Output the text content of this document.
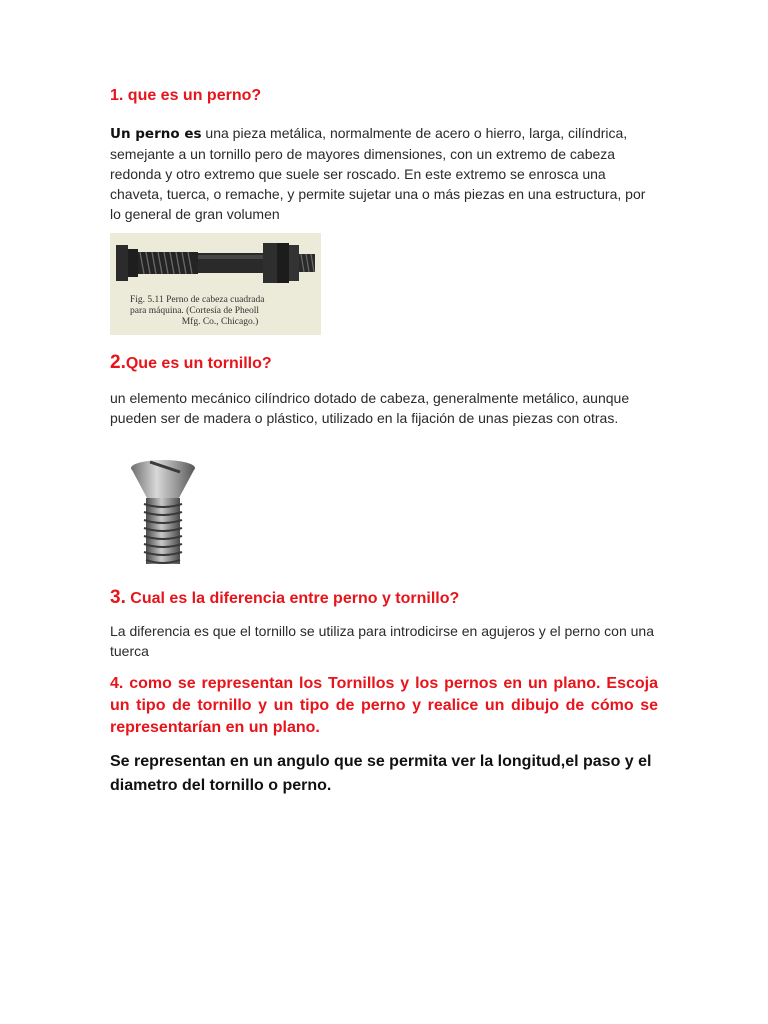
1. que es un perno?

Un perno es una pieza metálica, normalmente de acero o hierro, larga, cilíndrica, semejante a un tornillo pero de mayores dimensiones, con un extremo de cabeza redonda y otro extremo que suele ser roscado. En este extremo se enrosca una chaveta, tuerca, o remache, y permite sujetar una o más piezas en una estructura, por lo general de gran volumen

Fig. 5.11 Perno de cabeza cuadrada
para máquina. (Cortesía de Pheoll
Mfg. Co., Chicago.)
2.Que es un tornillo?

un elemento mecánico cilíndrico dotado de cabeza, generalmente metálico, aunque pueden ser de madera o plástico, utilizado en la fijación de unas piezas con otras.

3. Cual es la diferencia entre perno y tornillo?

La diferencia es que el tornillo se utiliza para introdicirse en agujeros y el perno con una tuerca

4. como se representan los Tornillos y los pernos en un plano. Escoja un tipo de tornillo y un tipo de perno y realice un dibujo de cómo se representarían en un plano.

Se representan en un angulo que se permita ver la longitud,el paso y el diametro del tornillo o perno.
